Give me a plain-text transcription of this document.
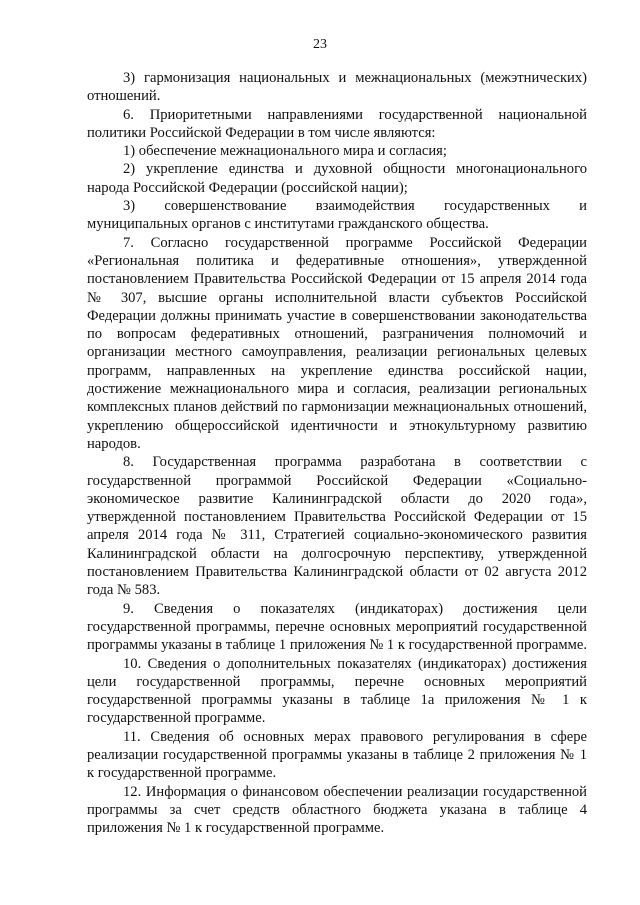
23

3) гармонизация национальных и межнациональных (межэтнических) отношений.

6. Приоритетными направлениями государственной национальной политики Российской Федерации в том числе являются:

1) обеспечение межнационального мира и согласия;

2) укрепление единства и духовной общности многонационального народа Российской Федерации (российской нации);

3) совершенствование взаимодействия государственных и муниципальных органов с институтами гражданского общества.

7. Согласно государственной программе Российской Федерации «Региональная политика и федеративные отношения», утвержденной постановлением Правительства Российской Федерации от 15 апреля 2014 года № 307, высшие органы исполнительной власти субъектов Российской Федерации должны принимать участие в совершенствовании законодательства по вопросам федеративных отношений, разграничения полномочий и организации местного самоуправления, реализации региональных целевых программ, направленных на укрепление единства российской нации, достижение межнационального мира и согласия, реализации региональных комплексных планов действий по гармонизации межнациональных отношений, укреплению общероссийской идентичности и этнокультурному развитию народов.

8. Государственная программа разработана в соответствии с государственной программой Российской Федерации «Социально-экономическое развитие Калининградской области до 2020 года», утвержденной постановлением Правительства Российской Федерации от 15 апреля 2014 года № 311, Стратегией социально-экономического развития Калининградской области на долгосрочную перспективу, утвержденной постановлением Правительства Калининградской области от 02 августа 2012 года № 583.

9. Сведения о показателях (индикаторах) достижения цели государственной программы, перечне основных мероприятий государственной программы указаны в таблице 1 приложения № 1 к государственной программе.

10. Сведения о дополнительных показателях (индикаторах) достижения цели государственной программы, перечне основных мероприятий государственной программы указаны в таблице 1а приложения № 1 к государственной программе.

11. Сведения об основных мерах правового регулирования в сфере реализации государственной программы указаны в таблице 2 приложения № 1 к государственной программе.

12. Информация о финансовом обеспечении реализации государственной программы за счет средств областного бюджета указана в таблице 4 приложения № 1 к государственной программе.
